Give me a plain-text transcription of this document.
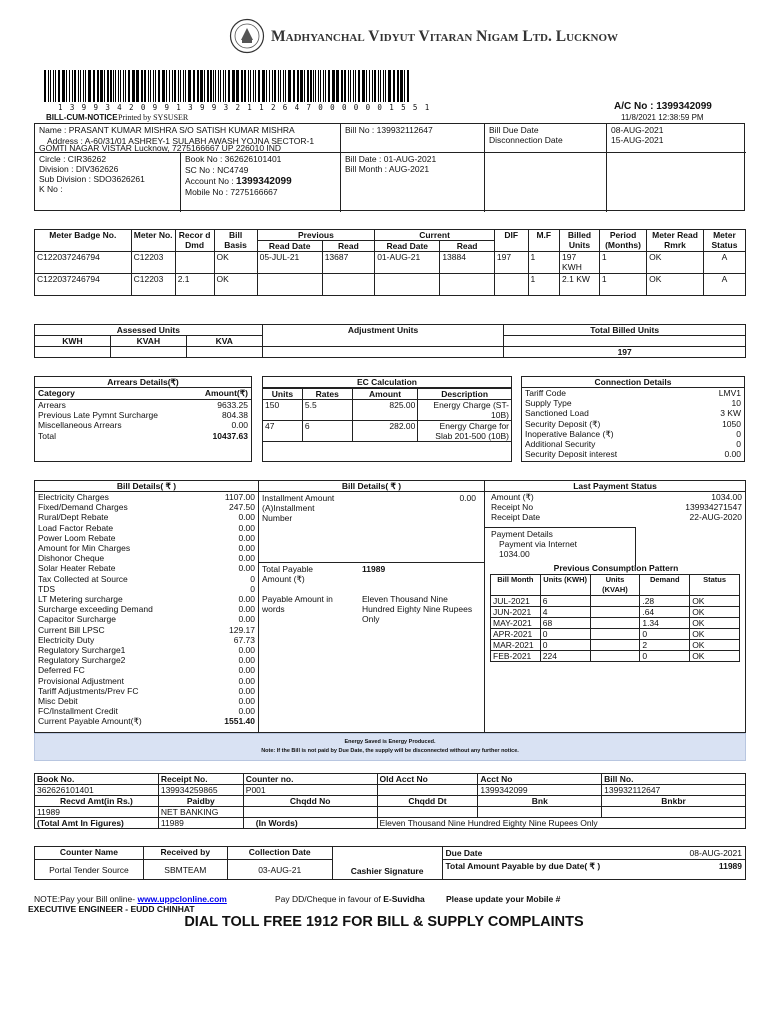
Madhyanchal Vidyut Vitaran Nigam Ltd. Lucknow
1 3 9 9 3 4 2 0 9 9 1 3 9 9 3 2 1 1 2 6 4 7 0 0 0 0 0 0 1 5 5 1
BILL-CUM-NOTICE Printed by SYSUSER
A/C No : 1399342099
11/8/2021 12:38:59 PM
Name : PRASANT KUMAR MISHRA S/O SATISH KUMAR MISHRA
Address : A-60/31/01 ASHREY-1 SULABH AWASH YOJNA SECTOR-1
Bill No : 139932112647	Bill Due Date
Disconnection Date
08-AUG-2021
15-AUG-2021
GOMTI NAGAR VISTAR Lucknow, 7275166667 UP 226010 IND
Circle : CIR36262
Division : DIV362626
Sub Division : SDO3626261
K No :
Book No : 362626101401
SC No : NC4749
Account No : 1399342099
Mobile No : 7275166667
Bill Date : 01-AUG-2021
Bill Month : AUG-2021
Meter Badge No.	Meter No.	Recor d Dmd	Bill Basis	Previous		Current		DIF	M.F	Billed Units	Period (Months)	Meter Read Rmrk	Meter Status
				Read Date	Read	Read Date	Read						
C122037246794	C12203		OK	05-JUL-21	13687	01-AUG-21	13884	197	1	197 KWH	1	OK	A
C122037246794	C12203	2.1	OK						1	2.1 KW	1	OK	A
Assessed Units			Adjustment Units	Total Billed Units
KWH	KVAH	KVA		
				197
Arrears Details(₹)
Category	Amount(₹)
Arrears	9633.25
Previous Late Pymnt Surcharge	804.38
Miscellaneous Arrears	0.00
Total	10437.63
EC Calculation
Units	Rates	Amount	Description
150	5.5	825.00	Energy Charge (ST-10B)
47	6	282.00	Energy Charge for Slab 201-500 (10B)
Connection Details
Tariff Code	LMV1
Supply Type	10
Sanctioned Load	3 KW
Security Deposit (₹)	1050
Inoperative Balance (₹)	0
Additional Security	0
Security Deposit interest	0.00
Bill Details( ₹ )
Electricity Charges	1107.00
Fixed/Demand Charges	247.50
Rural/Dept Rebate	0.00
Load Factor Rebate	0.00
Power Loom Rebate	0.00
Amount for Min Charges	0.00
Dishonor Cheque	0.00
Solar Heater Rebate	0.00
Tax Collected at Source	0
TDS	0
LT Metering surcharge	0.00
Surcharge exceeding Demand	0.00
Capacitor Surcharge	0.00
Current Bill LPSC	129.17
Electricity Duty	67.73
Regulatory Surcharge1	0.00
Regulatory Surcharge2	0.00
Deferred FC	0.00
Provisional Adjustment	0.00
Tariff Adjustments/Prev FC	0.00
Misc Debit	0.00
FC/Installment Credit	0.00
Current Payable Amount(₹)	1551.40
Bill Details( ₹ )
Installment Amount	0.00
(A)Installment Number
Total Payable Amount (₹)
11989
Payable Amount in words
Eleven Thousand Nine Hundred Eighty Nine Rupees Only
Last Payment Status
Amount (₹)	1034.00
Receipt No	139934271547
Receipt Date	22-AUG-2020
Payment Details
Payment via Internet
1034.00
Previous Consumption Pattern
Bill Month	Units (KWH)	Units (KVAH)	Demand	Status
JUL-2021	6		.28	OK
JUN-2021	4		.64	OK
MAY-2021	68		1.34	OK
APR-2021	0		0	OK
MAR-2021	0		2	OK
FEB-2021	224		0	OK
Energy Saved is Energy Produced.
Note: If the Bill is not paid by Due Date, the supply will be disconnected without any further notice.
Book No.	Receipt No.	Counter no.	Old Acct No	Acct No	Bill No.
362626101401	139934259865	P001		1399342099	139932112647
Recvd Amt(in Rs.)	Paidby	Chqdd No	Chqdd Dt	Bnk	Bnkbr
11989	NET BANKING				
(Total Amt In Figures)	11989	(In Words)	Eleven Thousand Nine Hundred Eighty Nine Rupees Only		
Counter Name	Received by	Collection Date	Cashier Signature	Due Date 08-AUG-2021

Portal Tender Source	SBMTEAM	03-AUG-21		Total Amount Payable by due Date( ₹ ) 11989
NOTE:Pay your Bill online- www.uppclonline.com	Pay DD/Cheque in favour of E-Suvidha Please update your Mobile #
EXECUTIVE ENGINEER - EUDD CHINHAT
DIAL TOLL FREE 1912 FOR BILL & SUPPLY COMPLAINTS
